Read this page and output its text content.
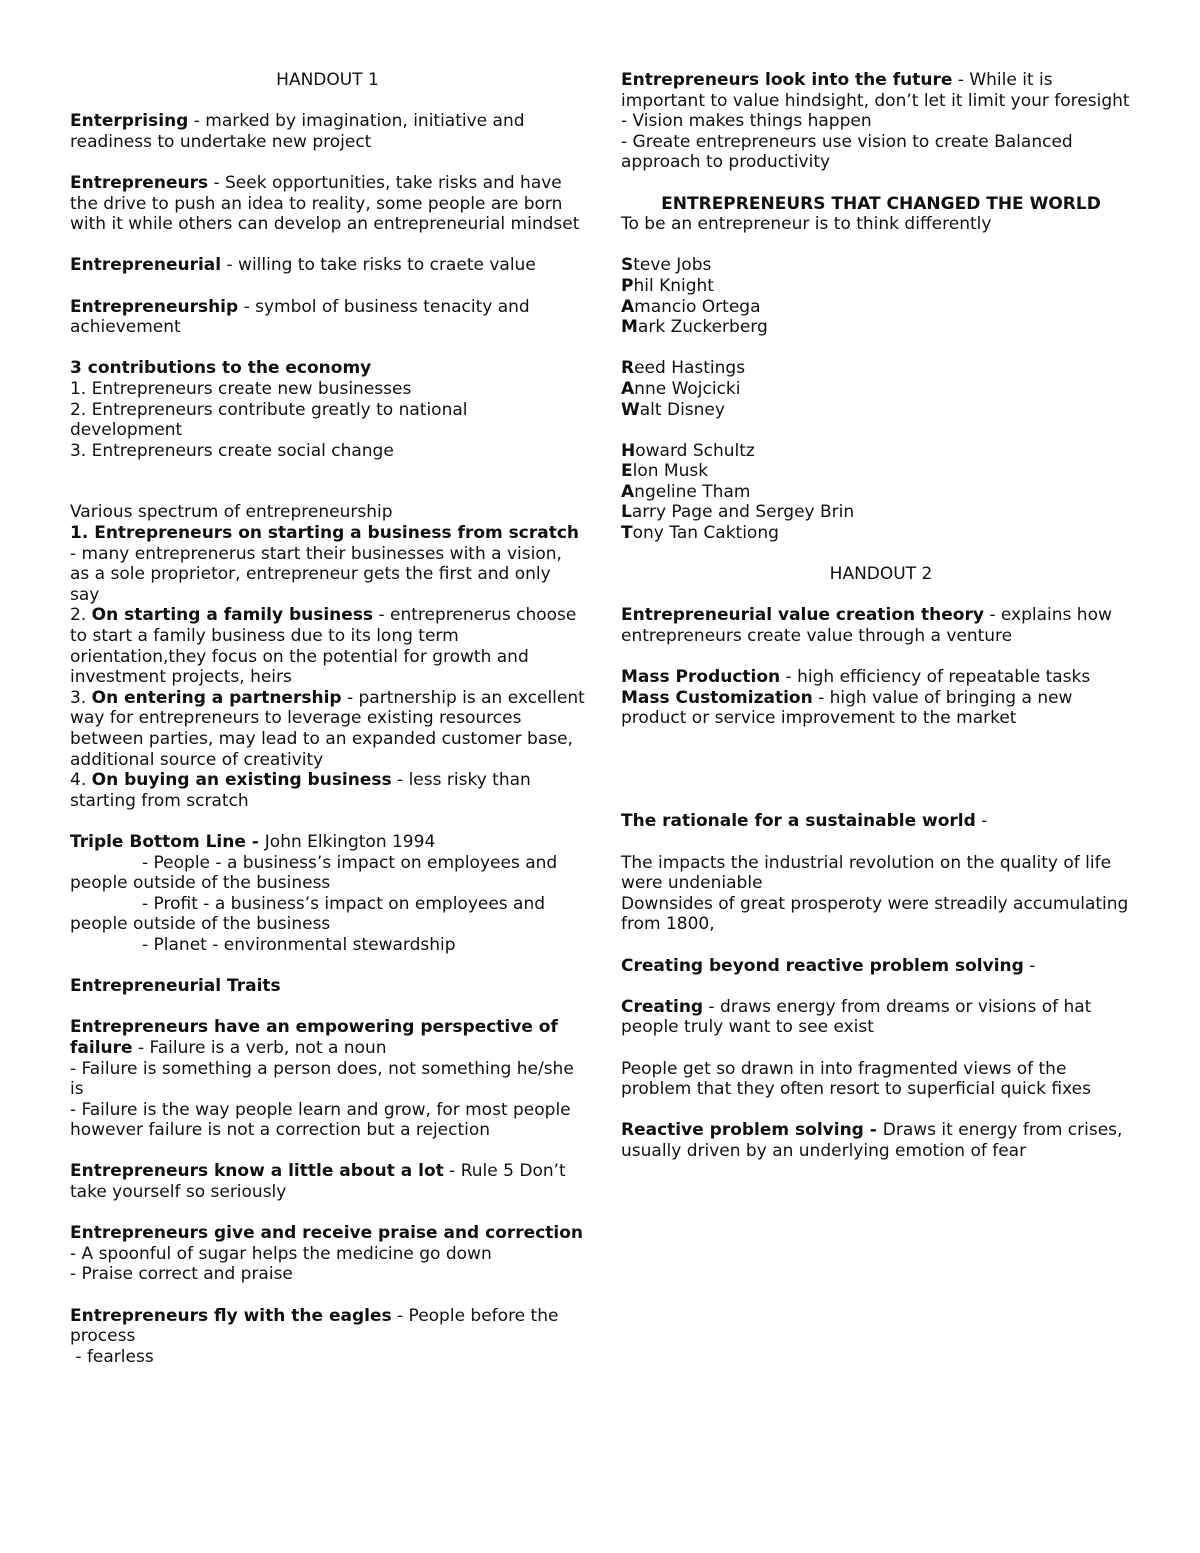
HANDOUT 1

Enterprising - marked by imagination, initiative and readiness to undertake new project

Entrepreneurs - Seek opportunities, take risks and have the drive to push an idea to reality, some people are born with it while others can develop an entrepreneurial mindset

Entrepreneurial - willing to take risks to craete value

Entrepreneurship - symbol of business tenacity and achievement

3 contributions to the economy

1. Entrepreneurs create new businesses

2. Entrepreneurs contribute greatly to national development

3. Entrepreneurs create social change

Various spectrum of entrepreneurship

1. Entrepreneurs on starting a business from scratch - many entreprenerus start their businesses with a vision, as a sole proprietor, entrepreneur gets the first and only say

2. On starting a family business - entreprenerus choose to start a family business due to its long term orientation,they focus on the potential for growth and investment projects, heirs

3. On entering a partnership - partnership is an excellent way for entrepreneurs to leverage existing resources between parties, may lead to an expanded customer base, additional source of creativity

4. On buying an existing business - less risky than starting from scratch

Triple Bottom Line - John Elkington 1994

- People - a business’s impact on employees and

people outside of the business

- Profit - a business’s impact on employees and

people outside of the business

- Planet - environmental stewardship

Entrepreneurial Traits

Entrepreneurs have an empowering perspective of failure - Failure is a verb, not a noun

- Failure is something a person does, not something he/she is

- Failure is the way people learn and grow, for most people however failure is not a correction but a rejection

Entrepreneurs know a little about a lot - Rule 5 Don’t take yourself so seriously

Entrepreneurs give and receive praise and correction - A spoonful of sugar helps the medicine go down

- Praise correct and praise

Entrepreneurs fly with the eagles - People before the process

- fearless

Entrepreneurs look into the future - While it is important to value hindsight, don’t let it limit your foresight

- Vision makes things happen

- Greate entrepreneurs use vision to create Balanced approach to productivity

ENTREPRENEURS THAT CHANGED THE WORLD

To be an entrepreneur is to think differently

Steve Jobs

Phil Knight

Amancio Ortega

Mark Zuckerberg

Reed Hastings

Anne Wojcicki

Walt Disney

Howard Schultz

Elon Musk

Angeline Tham

Larry Page and Sergey Brin

Tony Tan Caktiong

HANDOUT 2

Entrepreneurial value creation theory - explains how entrepreneurs create value through a venture

Mass Production - high efficiency of repeatable tasks

Mass Customization - high value of bringing a new product or service improvement to the market

The rationale for a sustainable world -

The impacts the industrial revolution on the quality of life were undeniable

Downsides of great prosperoty were streadily accumulating from 1800,

Creating beyond reactive problem solving -

Creating - draws energy from dreams or visions of hat people truly want to see exist

People get so drawn in into fragmented views of the problem that they often resort to superficial quick fixes

Reactive problem solving - Draws it energy from crises, usually driven by an underlying emotion of fear
